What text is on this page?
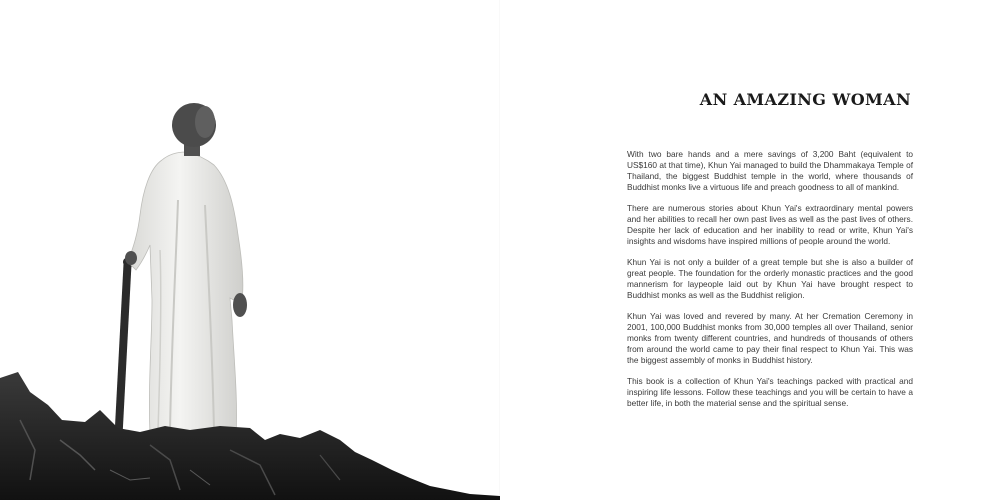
AN AMAZING WOMAN

With two bare hands and a mere savings of 3,200 Baht (equivalent to US$160 at that time), Khun Yai managed to build the Dhammakaya Temple of Thailand, the biggest Buddhist temple in the world, where thousands of Buddhist monks live a virtuous life and preach goodness to all of mankind.

There are numerous stories about Khun Yai's extraordinary mental powers and her abilities to recall her own past lives as well as the past lives of others. Despite her lack of education and her inability to read or write, Khun Yai's insights and wisdoms have inspired millions of people around the world.

Khun Yai is not only a builder of a great temple but she is also a builder of great people. The foundation for the orderly monastic practices and the good mannerism for laypeople laid out by Khun Yai have brought respect to Buddhist monks as well as the Buddhist religion.

Khun Yai was loved and revered by many. At her Cremation Ceremony in 2001, 100,000 Buddhist monks from 30,000 temples all over Thailand, senior monks from twenty different countries, and hundreds of thousands of others from around the world came to pay their final respect to Khun Yai. This was the biggest assembly of monks in Buddhist history.

This book is a collection of Khun Yai's teachings packed with practical and inspiring life lessons. Follow these teachings and you will be certain to have a better life, in both the material sense and the spiritual sense.
